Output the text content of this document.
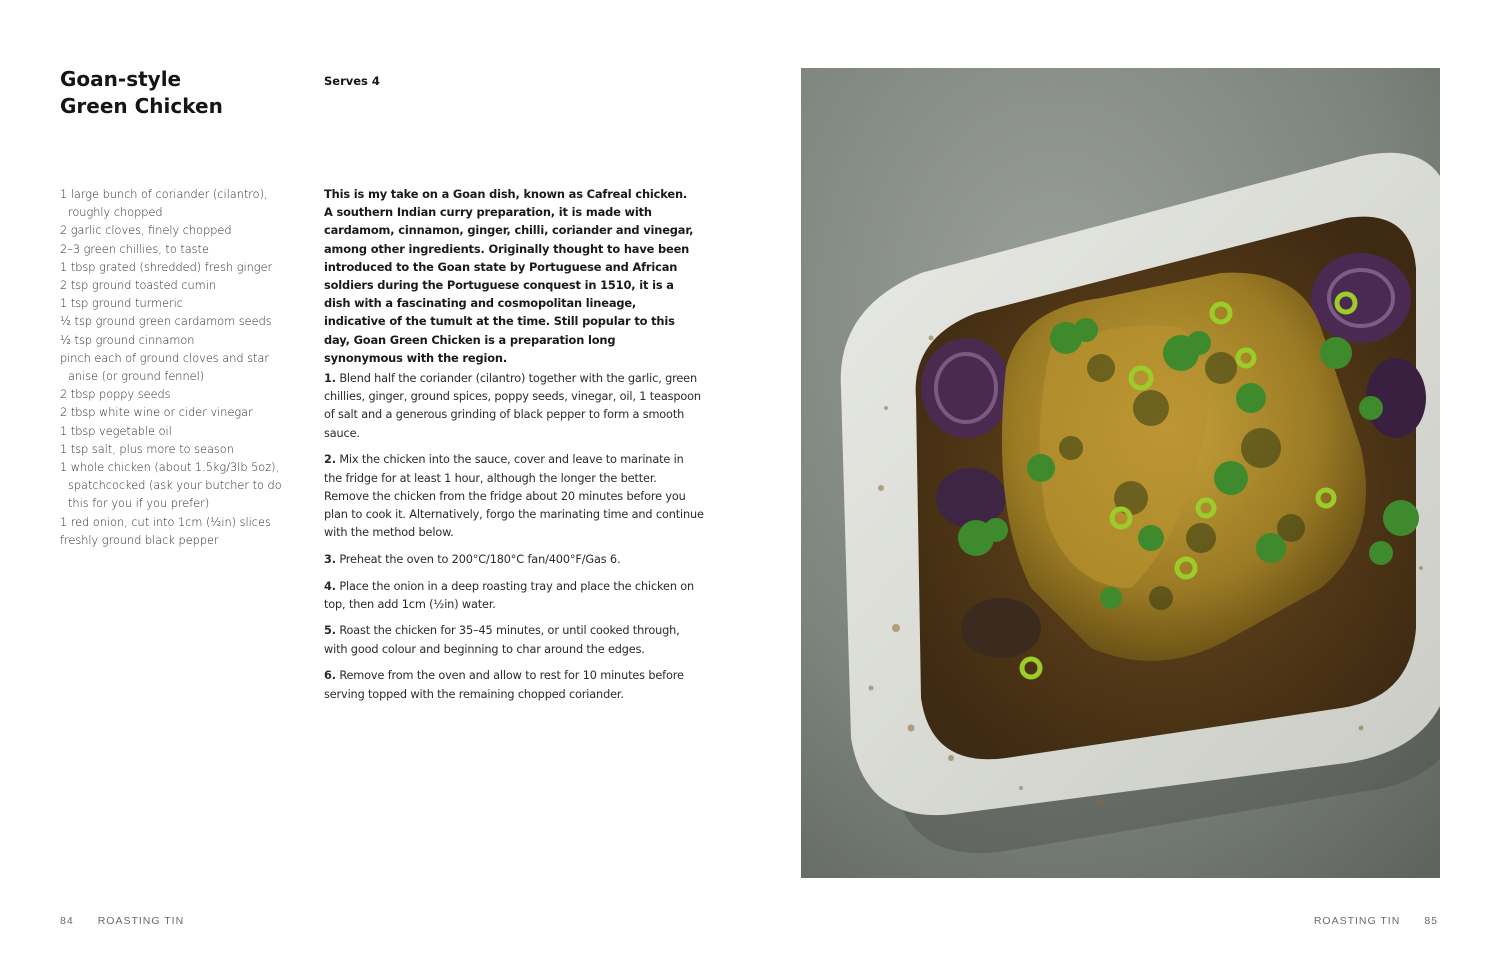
Goan-style
Green Chicken
Serves 4
1 large bunch of coriander (cilantro), roughly chopped
2 garlic cloves, finely chopped
2–3 green chillies, to taste
1 tbsp grated (shredded) fresh ginger
2 tsp ground toasted cumin
1 tsp ground turmeric
½ tsp ground green cardamom seeds
½ tsp ground cinnamon
pinch each of ground cloves and star anise (or ground fennel)
2 tbsp poppy seeds
2 tbsp white wine or cider vinegar
1 tbsp vegetable oil
1 tsp salt, plus more to season
1 whole chicken (about 1.5kg/3lb 5oz), spatchcocked (ask your butcher to do this for you if you prefer)
1 red onion, cut into 1cm (½in) slices
freshly ground black pepper

This is my take on a Goan dish, known as Cafreal chicken. A southern Indian curry preparation, it is made with cardamom, cinnamon, ginger, chilli, coriander and vinegar, among other ingredients. Originally thought to have been introduced to the Goan state by Portuguese and African soldiers during the Portuguese conquest in 1510, it is a dish with a fascinating and cosmopolitan lineage, indicative of the tumult at the time. Still popular to this day, Goan Green Chicken is a preparation long synonymous with the region.

1. Blend half the coriander (cilantro) together with the garlic, green chillies, ginger, ground spices, poppy seeds, vinegar, oil, 1 teaspoon of salt and a generous grinding of black pepper to form a smooth sauce.
2. Mix the chicken into the sauce, cover and leave to marinate in the fridge for at least 1 hour, although the longer the better. Remove the chicken from the fridge about 20 minutes before you plan to cook it. Alternatively, forgo the marinating time and continue with the method below.
3. Preheat the oven to 200°C/180°C fan/400°F/Gas 6.
4. Place the onion in a deep roasting tray and place the chicken on top, then add 1cm (½in) water.
5. Roast the chicken for 35–45 minutes, or until cooked through, with good colour and beginning to char around the edges.
6. Remove from the oven and allow to rest for 10 minutes before serving topped with the remaining chopped coriander.
84 ROASTING TIN	ROASTING TIN 85
